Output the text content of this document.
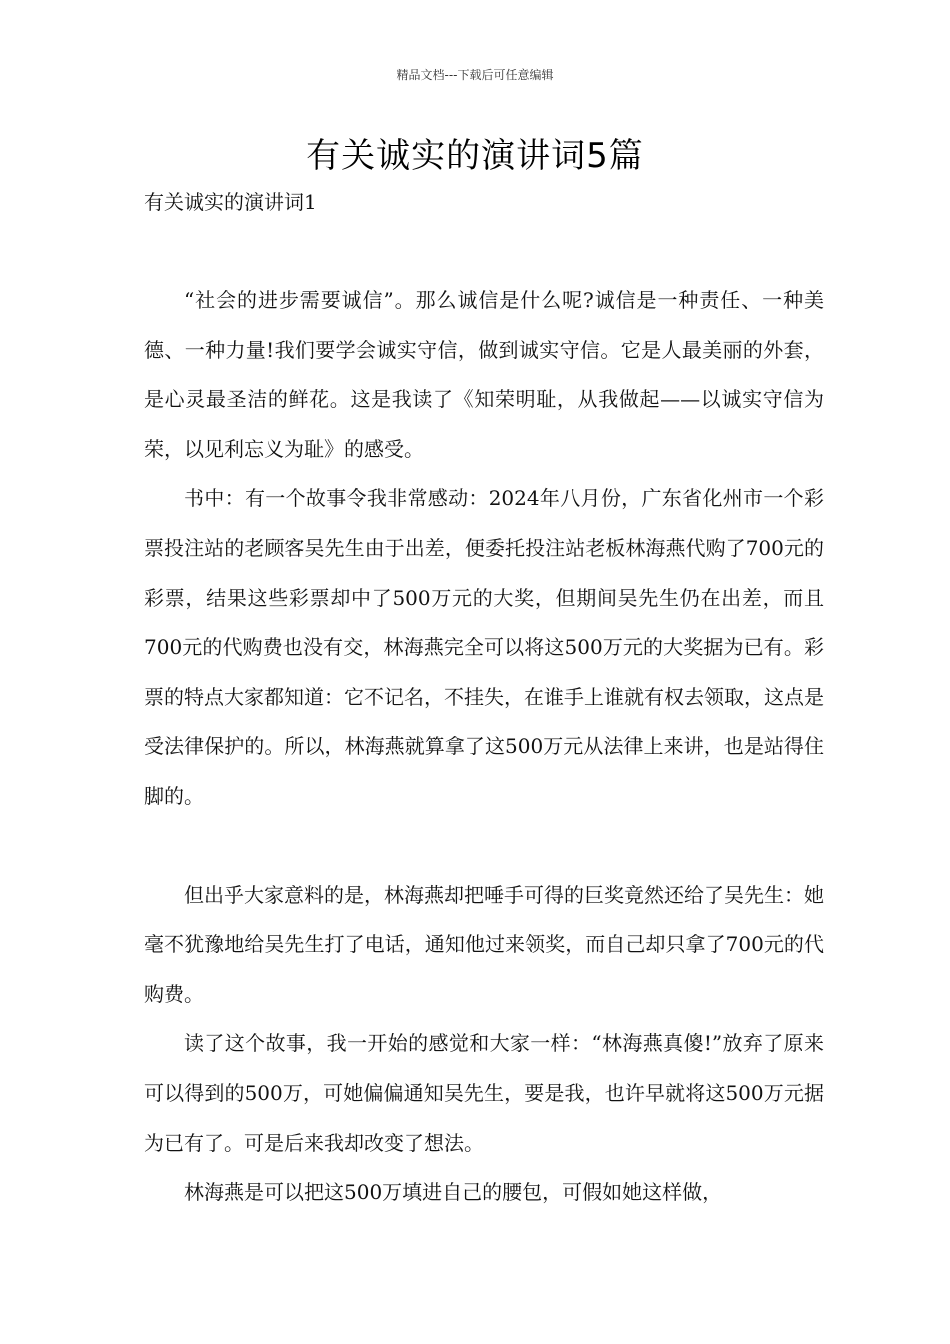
精品文档---下载后可任意编辑
有关诚实的演讲词5篇
有关诚实的演讲词1

“社会的进步需要诚信”。那么诚信是什么呢?诚信是一种责任、一种美德、一种力量!我们要学会诚实守信，做到诚实守信。它是人最美丽的外套，是心灵最圣洁的鲜花。这是我读了《知荣明耻，从我做起——以诚实守信为荣，以见利忘义为耻》的感受。

书中：有一个故事令我非常感动：2024年八月份，广东省化州市一个彩票投注站的老顾客吴先生由于出差，便委托投注站老板林海燕代购了700元的彩票，结果这些彩票却中了500万元的大奖，但期间吴先生仍在出差，而且700元的代购费也没有交，林海燕完全可以将这500万元的大奖据为已有。彩票的特点大家都知道：它不记名，不挂失，在谁手上谁就有权去领取，这点是受法律保护的。所以，林海燕就算拿了这500万元从法律上来讲，也是站得住脚的。

但出乎大家意料的是，林海燕却把唾手可得的巨奖竟然还给了吴先生：她毫不犹豫地给吴先生打了电话，通知他过来领奖，而自己却只拿了700元的代购费。

读了这个故事，我一开始的感觉和大家一样：“林海燕真傻!”放弃了原来可以得到的500万，可她偏偏通知吴先生，要是我，也许早就将这500万元据为已有了。可是后来我却改变了想法。

林海燕是可以把这500万填进自己的腰包，可假如她这样做，
